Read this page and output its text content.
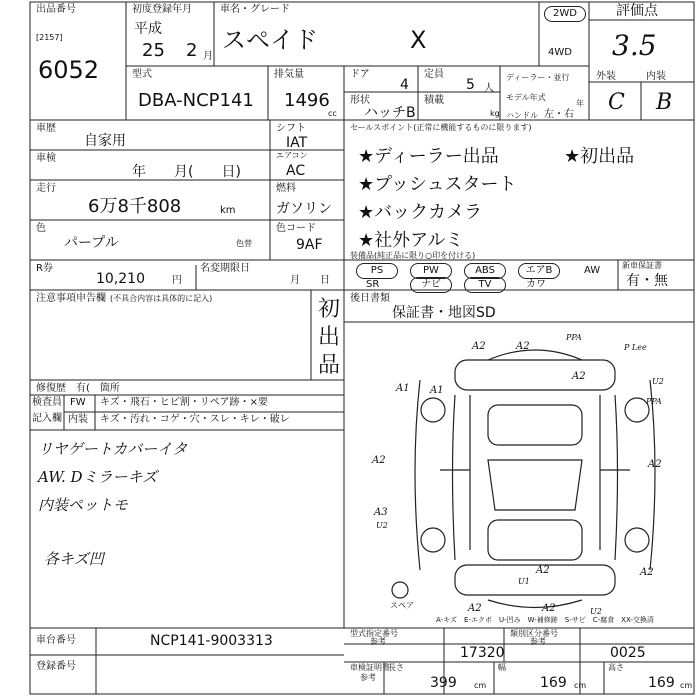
出品番号
[2157]
6052
初度登録年月
平成
25 2 月
車名・グレード
スペイド	X
2WD
4WD
評価点
3.5
型式
DBA-NCP141
排気量
1496
cc
ドア
4
定員
5 人
ディーラー・並行
モデル年式
年
ハンドル 左・右
形状
ハッチB
積載
kg
外装	内装
C B
車歴
自家用
車検
年　　月(　　日)
走行
6万8千808	km
色
パープル	色替
シフト
IAT
エアコン
AC
燃料
ガソリン
色コード
9AF
R券
10,210	円
名変期限日
月　　日
セールスポイント(正常に機能するものに限ります)
★ディーラー出品	★初出品
★プッシュスタート
★バックカメラ
★社外アルミ
装備品(純正品に限り○印を付ける)
PS	PW	ABS	エアB	AW
SR	ナビ	TV	カワ
新車保証書
有・無
注意事項申告欄 (不具合内容は具体的に記入)	初出品
修復歴 有(　箇所
後日書類
保証書・地図SD
検査員
記入欄
FW キズ・飛石・ヒビ割・リペア跡・×要
内装 キズ・汚れ・コゲ・穴・スレ・キレ・破レ
リヤゲートカバーイタ
AW. Dミラーキズ
内装ペットモ
各キズ凹
A2	A2
PPA
P Lee
U2
PPA
A2
A1
A2
A3
U2
A2
U1
A2	A2
A2	U2
A2
A1
スペア
A-キズ　E-エクボ　U-凹み　W-補修跡　S-サビ　C-腐食　XX-交換済
車台番号	NCP141-9003313
登録番号
型式指定番号
参考
17320
類別区分番号
参考
0025
車検証明書
参考
長さ
399 cm
幅
169 cm
高さ
169 cm
